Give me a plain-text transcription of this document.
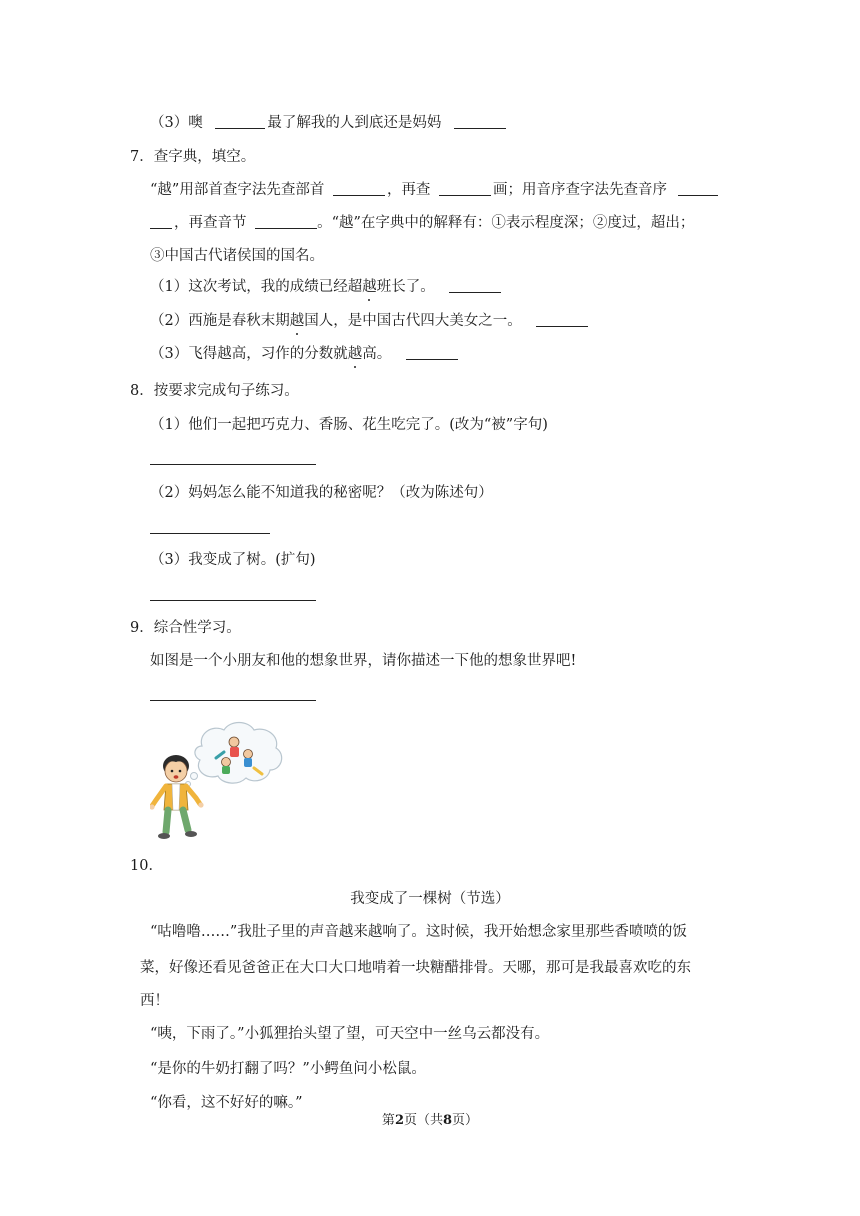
（3）噢	最了解我的人到底还是妈妈
7．查字典，填空。
“越”用部首查字法先查部首	，再查	画；用音序查字法先查音序
，再查音节	。“越”在字典中的解释有：①表示程度深；②度过，超出；
③中国古代诸侯国的国名。
（1）这次考试，我的成绩已经超越班长了。
（2）西施是春秋末期越国人，是中国古代四大美女之一。
（3）飞得越高，习作的分数就越高。
8．按要求完成句子练习。
（1）他们一起把巧克力、香肠、花生吃完了。(改为“被”字句)
（2）妈妈怎么能不知道我的秘密呢？（改为陈述句）
（3）我变成了树。(扩句)
9．综合性学习。
如图是一个小朋友和他的想象世界，请你描述一下他的想象世界吧!
10．
我变成了一棵树（节选）
“咕噜噜……”我肚子里的声音越来越响了。这时候，我开始想念家里那些香喷喷的饭
菜，好像还看见爸爸正在大口大口地啃着一块糖醋排骨。天哪，那可是我最喜欢吃的东
西！
“咦，下雨了。”小狐狸抬头望了望，可天空中一丝乌云都没有。
“是你的牛奶打翻了吗？”小鳄鱼问小松鼠。
“你看，这不好好的嘛。”
第2页（共8页）
